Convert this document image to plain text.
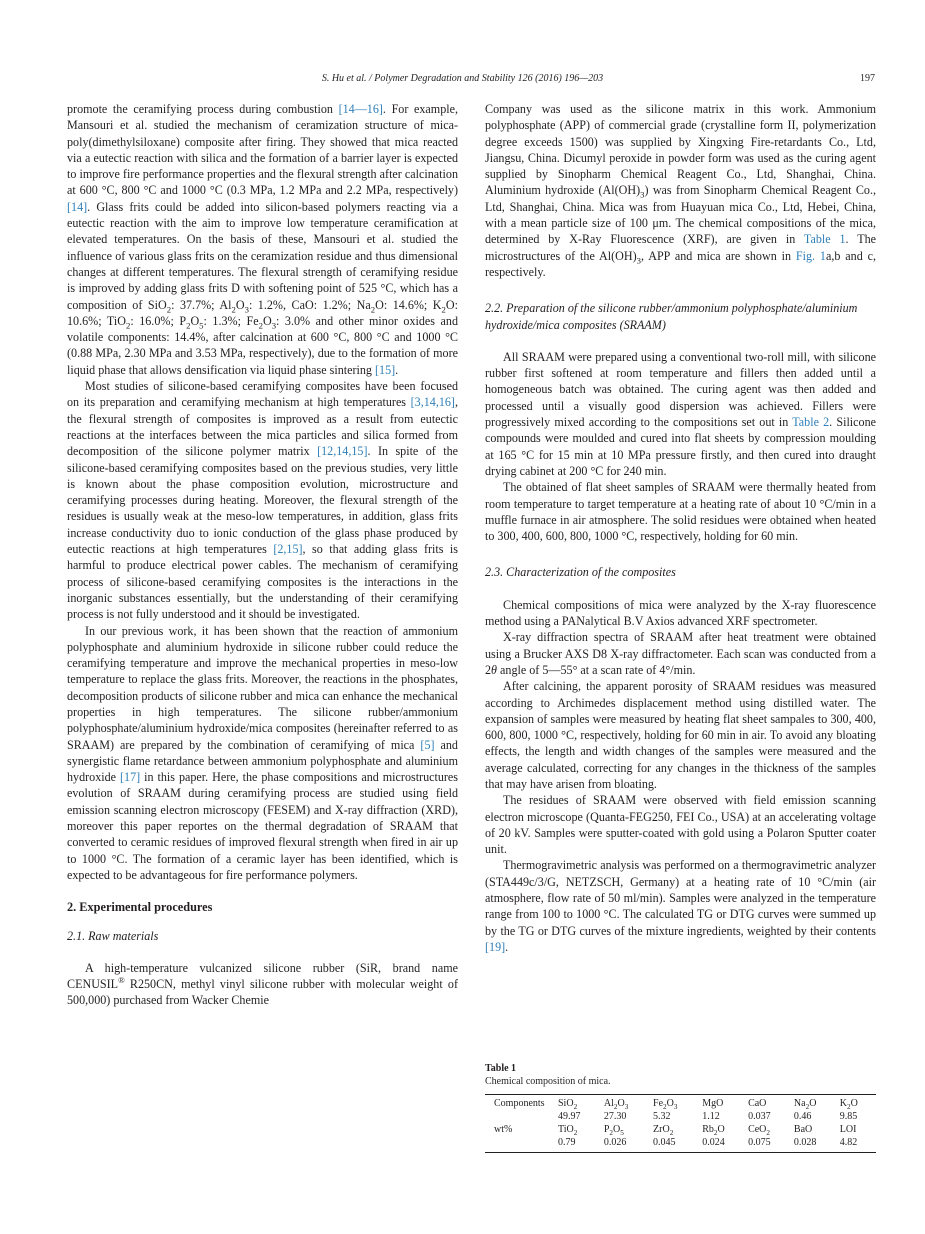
S. Hu et al. / Polymer Degradation and Stability 126 (2016) 196—203	197

promote the ceramifying process during combustion [14—16]. For example, Mansouri et al. studied the mechanism of ceramization structure of mica-poly(dimethylsiloxane) composite after firing. They showed that mica reacted via a eutectic reaction with silica and the formation of a barrier layer is expected to improve fire performance properties and the flexural strength after calcination at 600 °C, 800 °C and 1000 °C (0.3 MPa, 1.2 MPa and 2.2 MPa, respectively) [14]. Glass frits could be added into silicon-based polymers reacting via a eutectic reaction with the aim to improve low temperature ceramification at elevated temperatures. On the basis of these, Mansouri et al. studied the influence of various glass frits on the ceramization residue and thus dimensional changes at different temperatures. The flexural strength of ceramifying residue is improved by adding glass frits D with softening point of 525 °C, which has a composition of SiO$_2$: 37.7%; $Al_2O_3$: 1.2%, CaO: 1.2%; $Na_2O$: 14.6%; $K_2O$: 10.6%; TiO$_2$: 16.0%; $P_2O_5$: 1.3%; $Fe_2O_3$: 3.0% and other minor oxides and volatile components: 14.4%, after calcination at 600 °C, 800 °C and 1000 °C (0.88 MPa, 2.30 MPa and 3.53 MPa, respectively), due to the formation of more liquid phase that allows densification via liquid phase sintering [15].

Most studies of silicone-based ceramifying composites have been focused on its preparation and ceramifying mechanism at high temperatures [3,14,16], the flexural strength of composites is improved as a result from eutectic reactions at the interfaces between the mica particles and silica formed from decomposition of the silicone polymer matrix [12,14,15]. In spite of the silicone-based ceramifying composites based on the previous studies, very little is known about the phase composition evolution, microstructure and ceramifying processes during heating. Moreover, the flexural strength of the residues is usually weak at the meso-low temperatures, in addition, glass frits increase conductivity duo to ionic conduction of the glass phase produced by eutectic reactions at high temperatures [2,15], so that adding glass frits is harmful to produce electrical power cables. The mechanism of ceramifying process of silicone-based ceramifying composites is the interactions in the inorganic substances essentially, but the understanding of their ceramifying process is not fully understood and it should be investigated.

In our previous work, it has been shown that the reaction of ammonium polyphosphate and aluminium hydroxide in silicone rubber could reduce the ceramifying temperature and improve the mechanical properties in meso-low temperature to replace the glass frits. Moreover, the reactions in the phosphates, decomposition products of silicone rubber and mica can enhance the mechanical properties in high temperatures. The silicone rubber/ammonium polyphosphate/aluminium hydroxide/mica composites (hereinafter referred to as SRAAM) are prepared by the combination of ceramifying of mica [5] and synergistic flame retardance between ammonium polyphosphate and aluminium hydroxide [17] in this paper. Here, the phase compositions and microstructures evolution of SRAAM during ceramifying process are studied using field emission scanning electron microscopy (FESEM) and X-ray diffraction (XRD), moreover this paper reportes on the thermal degradation of SRAAM that converted to ceramic residues of improved flexural strength when fired in air up to 1000 °C. The formation of a ceramic layer has been identified, which is expected to be advantageous for fire performance polymers.

2. Experimental procedures
2.1. Raw materials

A high-temperature vulcanized silicone rubber (SiR, brand name CENUSIL® R250CN, methyl vinyl silicone rubber with molecular weight of 500,000) purchased from Wacker Chemie

Company was used as the silicone matrix in this work. Ammonium polyphosphate (APP) of commercial grade (crystalline form II, polymerization degree exceeds 1500) was supplied by Xingxing Fire-retardants Co., Ltd, Jiangsu, China. Dicumyl peroxide in powder form was used as the curing agent supplied by Sinopharm Chemical Reagent Co., Ltd, Shanghai, China. Aluminium hydroxide $(Al(OH)_3)$ was from Sinopharm Chemical Reagent Co., Ltd, Shanghai, China. Mica was from Huayuan mica Co., Ltd, Hebei, China, with a mean particle size of 100 μm. The chemical compositions of the mica, determined by X-Ray Fluorescence (XRF), are given in Table 1. The microstructures of the $Al(OH)_3$, APP and mica are shown in Fig. 1a,b and c, respectively.

2.2. Preparation of the silicone rubber/ammonium polyphosphate/aluminium hydroxide/mica composites (SRAAM)

All SRAAM were prepared using a conventional two-roll mill, with silicone rubber first softened at room temperature and fillers then added until a homogeneous batch was obtained. The curing agent was then added and processed until a visually good dispersion was achieved. Fillers were progressively mixed according to the compositions set out in Table 2. Silicone compounds were moulded and cured into flat sheets by compression moulding at 165 °C for 15 min at 10 MPa pressure firstly, and then cured into draught drying cabinet at 200 °C for 240 min.

The obtained of flat sheet samples of SRAAM were thermally heated from room temperature to target temperature at a heating rate of about 10 °C/min in a muffle furnace in air atmosphere. The solid residues were obtained when heated to 300, 400, 600, 800, 1000 °C, respectively, holding for 60 min.

2.3. Characterization of the composites

Chemical compositions of mica were analyzed by the X-ray fluorescence method using a PANalytical B.V Axios advanced XRF spectrometer.

X-ray diffraction spectra of SRAAM after heat treatment were obtained using a Brucker AXS D8 X-ray diffractometer. Each scan was conducted from a 2θ angle of 5—55° at a scan rate of 4°/min.

After calcining, the apparent porosity of SRAAM residues was measured according to Archimedes displacement method using distilled water. The expansion of samples were measured by heating flat sheet sampales to 300, 400, 600, 800, 1000 °C, respectively, holding for 60 min in air. To avoid any bloating effects, the length and width changes of the samples were measured and the average calculated, correcting for any changes in the thickness of the samples that may have arisen from bloating.

The residues of SRAAM were observed with field emission scanning electron microscope (Quanta-FEG250, FEI Co., USA) at an accelerating voltage of 20 kV. Samples were sputter-coated with gold using a Polaron Sputter coater unit.

Thermogravimetric analysis was performed on a thermogravimetric analyzer (STA449c/3/G, NETZSCH, Germany) at a heating rate of 10 °C/min (air atmosphere, flow rate of 50 ml/min). Samples were analyzed in the temperature range from 100 to 1000 °C. The calculated TG or DTG curves were summed up by the TG or DTG curves of the mixture ingredients, weighted by their contents [19].

Table 1
Chemical composition of mica.
Components	SiO$_2$	$Al_2O_3$	$Fe_2O_3$	MgO	CaO	$Na_2O$	$K_2O$
	49.97	27.30	5.32	1.12	0.037	0.46	9.85
wt%	TiO$_2$	$P_2O_5$	ZrO$_2$	$Rb_2O$	CeO$_2$	BaO	LOI
	0.79	0.026	0.045	0.024	0.075	0.028	4.82
